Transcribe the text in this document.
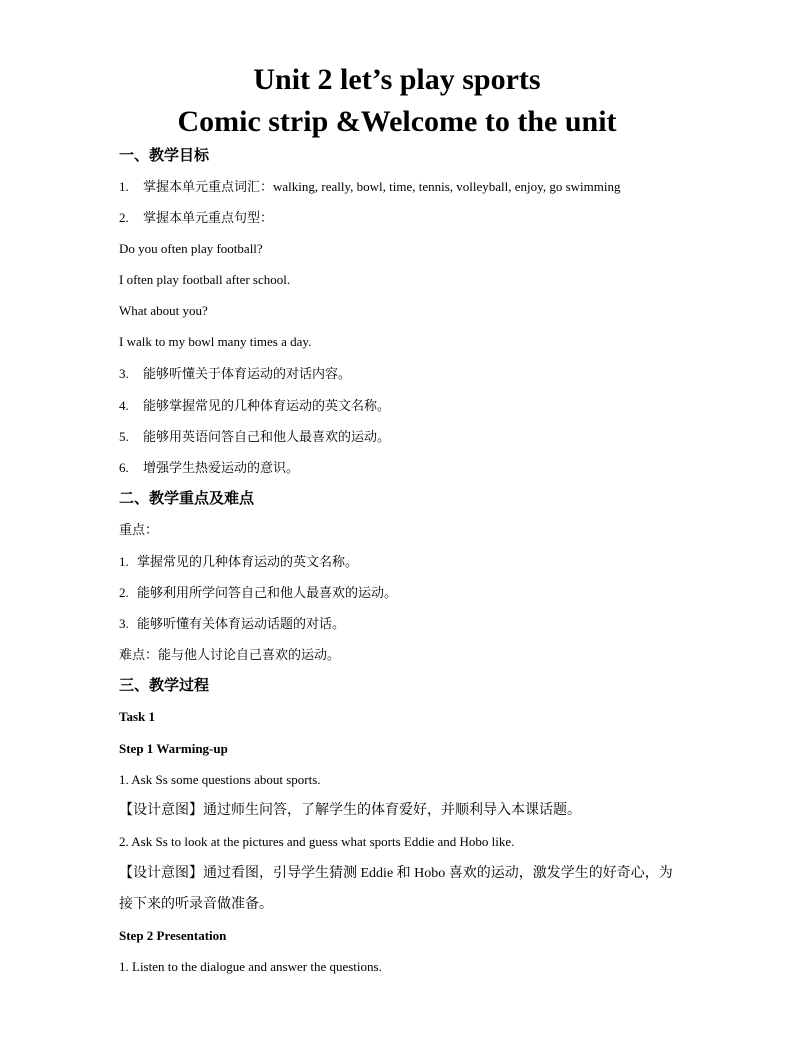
Unit 2 let’s play sports
Comic strip &Welcome to the unit
一、教学目标
1. 掌握本单元重点词汇：walking, really, bowl, time, tennis, volleyball, enjoy, go swimming
2. 掌握本单元重点句型：
Do you often play football?
I often play football after school.
What about you?
I walk to my bowl many times a day.
3. 能够听懂关于体育运动的对话内容。
4. 能够掌握常见的几种体育运动的英文名称。
5. 能够用英语问答自己和他人最喜欢的运动。
6. 增强学生热爱运动的意识。
二、教学重点及难点
重点：
1. 掌握常见的几种体育运动的英文名称。
2. 能够利用所学问答自己和他人最喜欢的运动。
3. 能够听懂有关体育运动话题的对话。
难点：能与他人讨论自己喜欢的运动。
三、教学过程
Task 1
Step 1 Warming-up
1. Ask Ss some questions about sports.
【设计意图】通过师生问答，了解学生的体育爱好，并顺利导入本课话题。
2. Ask Ss to look at the pictures and guess what sports Eddie and Hobo like.
【设计意图】通过看图，引导学生猜测 Eddie 和 Hobo 喜欢的运动，激发学生的好奇心，为
接下来的听录音做准备。
Step 2 Presentation
1. Listen to the dialogue and answer the questions.
